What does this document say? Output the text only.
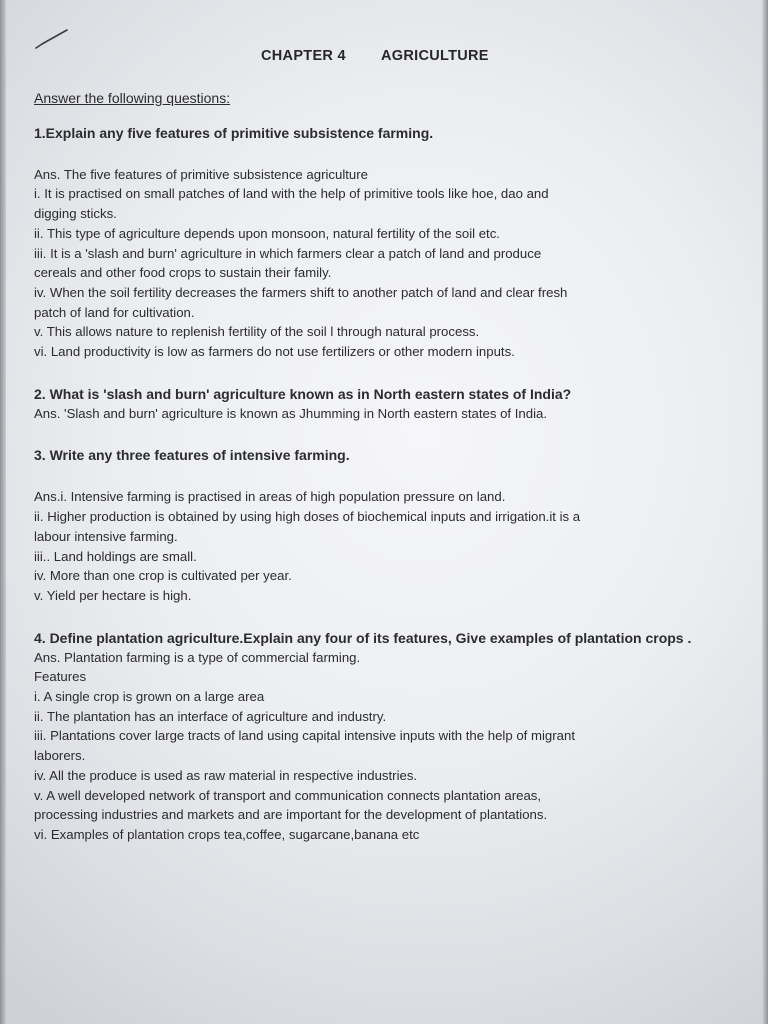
CHAPTER 4 AGRICULTURE

Answer the following questions:

1.Explain any five features of primitive subsistence farming.

Ans. The five features of primitive subsistence agriculture

i. It is practised on small patches of land with the help of primitive tools like hoe, dao and

digging sticks.

ii. This type of agriculture depends upon monsoon, natural fertility of the soil etc.

iii. It is a 'slash and burn' agriculture in which farmers clear a patch of land and produce

cereals and other food crops to sustain their family.

iv. When the soil fertility decreases the farmers shift to another patch of land and clear fresh

patch of land for cultivation.

v. This allows nature to replenish fertility of the soil l through natural process.

vi. Land productivity is low as farmers do not use fertilizers or other modern inputs.

2. What is 'slash and burn' agriculture known as in North eastern states of India?

Ans. 'Slash and burn' agriculture is known as Jhumming in North eastern states of India.

3. Write any three features of intensive farming.

Ans.i. Intensive farming is practised in areas of high population pressure on land.

ii. Higher production is obtained by using high doses of biochemical inputs and irrigation.it is a

labour intensive farming.

iii.. Land holdings are small.

iv. More than one crop is cultivated per year.

v. Yield per hectare is high.

4. Define plantation agriculture.Explain any four of its features, Give examples of plantation crops .

Ans. Plantation farming is a type of commercial farming.

Features

i. A single crop is grown on a large area

ii. The plantation has an interface of agriculture and industry.

iii. Plantations cover large tracts of land using capital intensive inputs with the help of migrant

laborers.

iv. All the produce is used as raw material in respective industries.

v. A well developed network of transport and communication connects plantation areas,

processing industries and markets and are important for the development of plantations.

vi. Examples of plantation crops tea,coffee, sugarcane,banana etc
